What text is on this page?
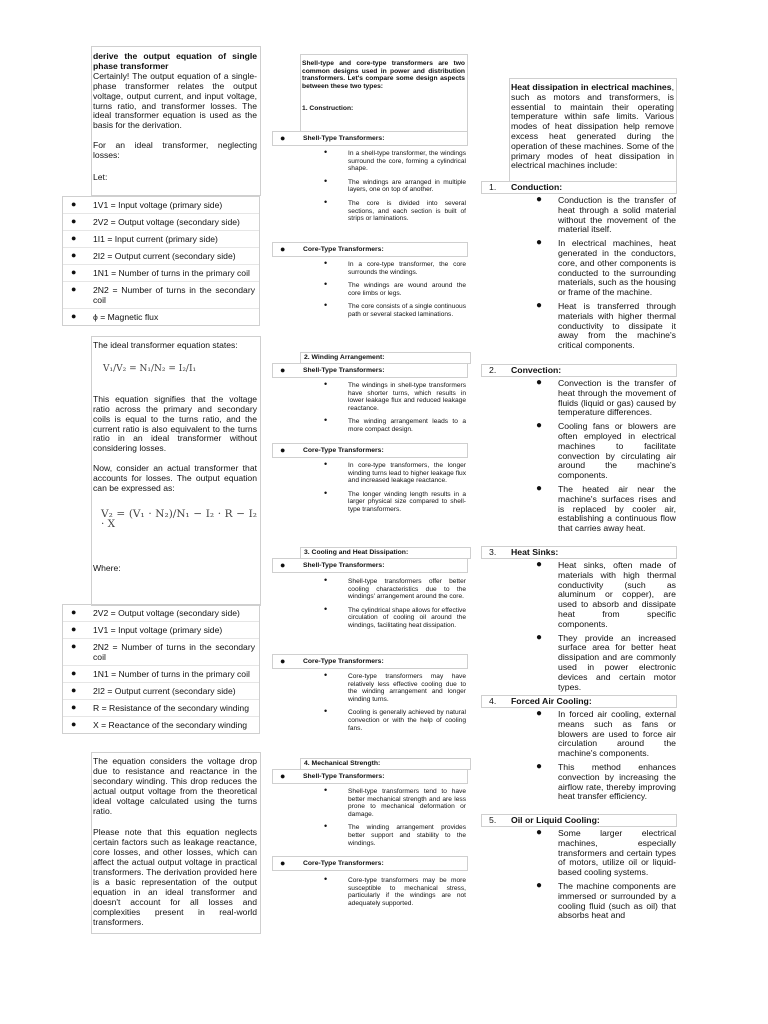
derive the output equation of single phase transformer

Certainly! The output equation of a single-phase transformer relates the output voltage, output current, and input voltage, turns ratio, and transformer losses. The ideal transformer equation is used as the basis for the derivation.

For an ideal transformer, neglecting losses:

Let:

● 1V1 = Input voltage (primary side)
● 2V2 = Output voltage (secondary side)
● 1I1 = Input current (primary side)
● 2I2 = Output current (secondary side)
● 1N1 = Number of turns in the primary coil
● 2N2 = Number of turns in the secondary coil
● ϕ = Magnetic flux

The ideal transformer equation states:

V₁/V₂ = N₁/N₂ = I₂/I₁

This equation signifies that the voltage ratio across the primary and secondary coils is equal to the turns ratio, and the current ratio is also equivalent to the turns ratio in an ideal transformer without considering losses.

Now, consider an actual transformer that accounts for losses. The output equation can be expressed as:

V₂ = (V₁ · N₂)/N₁ − I₂ · R − I₂ · X

Where:

● 2V2 = Output voltage (secondary side)
● 1V1 = Input voltage (primary side)
● 2N2 = Number of turns in the secondary coil
● 1N1 = Number of turns in the primary coil
● 2I2 = Output current (secondary side)
● R = Resistance of the secondary winding
● X = Reactance of the secondary winding

The equation considers the voltage drop due to resistance and reactance in the secondary winding. This drop reduces the actual output voltage from the theoretical ideal voltage calculated using the turns ratio.

Please note that this equation neglects certain factors such as leakage reactance, core losses, and other losses, which can affect the actual output voltage in practical transformers. The derivation provided here is a basic representation of the output equation in an ideal transformer and doesn't account for all losses and complexities present in real-world transformers.

Shell-type and core-type transformers are two common designs used in power and distribution transformers. Let's compare some design aspects between these two types:
1. Construction:
●	Shell-Type Transformers:
•	In a shell-type transformer, the windings surround the core, forming a cylindrical shape.
•	The windings are arranged in multiple layers, one on top of another.
•	The core is divided into several sections, and each section is built of strips or laminations.
●	Core-Type Transformers:
•	In a core-type transformer, the core surrounds the windings.
•	The windings are wound around the core limbs or legs.
•	The core consists of a single continuous path or several stacked laminations.
2. Winding Arrangement:
●	Shell-Type Transformers:
•	The windings in shell-type transformers have shorter turns, which results in lower leakage flux and reduced leakage reactance.
•	The winding arrangement leads to a more compact design.
●	Core-Type Transformers:
•	In core-type transformers, the longer winding turns lead to higher leakage flux and increased leakage reactance.
•	The longer winding length results in a larger physical size compared to shell-type transformers.
3. Cooling and Heat Dissipation:
●	Shell-Type Transformers:
•	Shell-type transformers offer better cooling characteristics due to the windings' arrangement around the core.
•	The cylindrical shape allows for effective circulation of cooling oil around the windings, facilitating heat dissipation.
●	Core-Type Transformers:
•	Core-type transformers may have relatively less effective cooling due to the winding arrangement and longer winding turns.
•	Cooling is generally achieved by natural convection or with the help of cooling fans.
4. Mechanical Strength:
●	Shell-Type Transformers:
•	Shell-type transformers tend to have better mechanical strength and are less prone to mechanical deformation or damage.
•	The winding arrangement provides better support and stability to the windings.
●	Core-Type Transformers:
•	Core-type transformers may be more susceptible to mechanical stress, particularly if the windings are not adequately supported.
Heat dissipation in electrical machines, such as motors and transformers, is essential to maintain their operating temperature within safe limits. Various modes of heat dissipation help remove excess heat generated during the operation of these machines. Some of the primary modes of heat dissipation in electrical machines include:
1. Conduction:
● Conduction is the transfer of heat through a solid material without the movement of the material itself.
● In electrical machines, heat generated in the conductors, core, and other components is conducted to the surrounding materials, such as the housing or frame of the machine.
● Heat is transferred through materials with higher thermal conductivity to dissipate it away from the machine's critical components.
2. Convection:
● Convection is the transfer of heat through the movement of fluids (liquid or gas) caused by temperature differences.
● Cooling fans or blowers are often employed in electrical machines to facilitate convection by circulating air around the machine's components.
● The heated air near the machine's surfaces rises and is replaced by cooler air, establishing a continuous flow that carries away heat.
3. Heat Sinks:
● Heat sinks, often made of materials with high thermal conductivity (such as aluminum or copper), are used to absorb and dissipate heat from specific components.
● They provide an increased surface area for better heat dissipation and are commonly used in power electronic devices and certain motor types.
4. Forced Air Cooling:
● In forced air cooling, external means such as fans or blowers are used to force air circulation around the machine's components.
● This method enhances convection by increasing the airflow rate, thereby improving heat transfer efficiency.
5. Oil or Liquid Cooling:
● Some larger electrical machines, especially transformers and certain types of motors, utilize oil or liquid-based cooling systems.
● The machine components are immersed or surrounded by a cooling fluid (such as oil) that absorbs heat and
